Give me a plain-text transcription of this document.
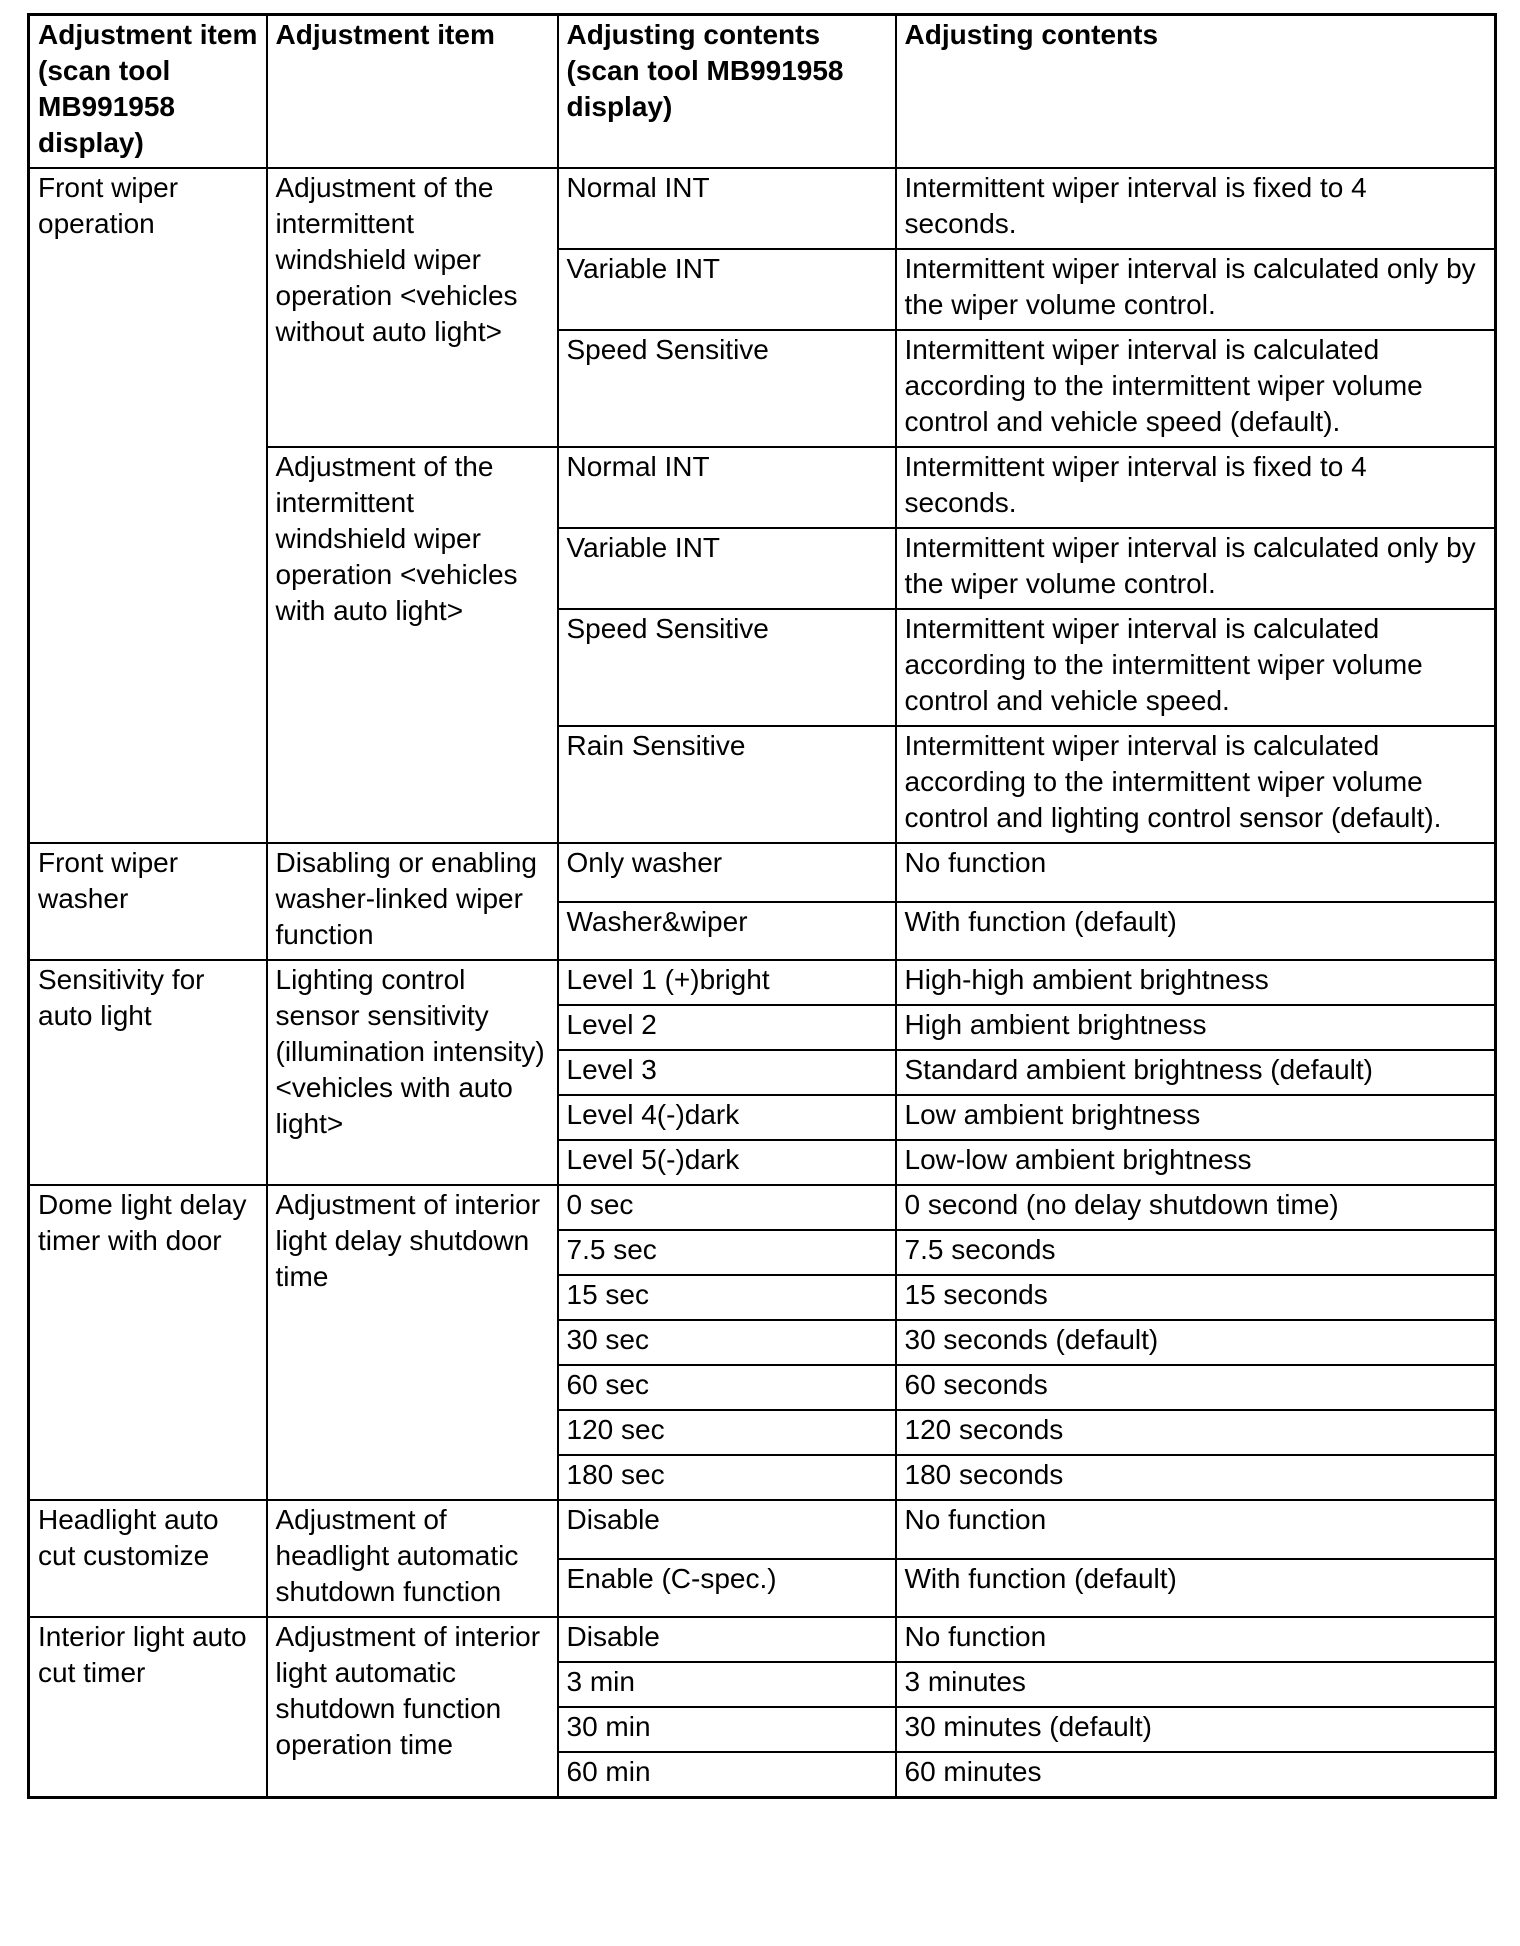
Adjustment item (scan tool MB991958 display)	Adjustment item	Adjusting contents (scan tool MB991958 display)	Adjusting contents
Front wiper operation	Adjustment of the intermittent windshield wiper operation <vehicles without auto light>	Normal INT	Intermittent wiper interval is fixed to 4 seconds.
		Variable INT	Intermittent wiper interval is calculated only by the wiper volume control.
		Speed Sensitive	Intermittent wiper interval is calculated according to the intermittent wiper volume control and vehicle speed (default).
	Adjustment of the intermittent windshield wiper operation <vehicles with auto light>	Normal INT	Intermittent wiper interval is fixed to 4 seconds.
		Variable INT	Intermittent wiper interval is calculated only by the wiper volume control.
		Speed Sensitive	Intermittent wiper interval is calculated according to the intermittent wiper volume control and vehicle speed.
		Rain Sensitive	Intermittent wiper interval is calculated according to the intermittent wiper volume control and lighting control sensor (default).
Front wiper washer	Disabling or enabling washer-linked wiper function	Only washer	No function
		Washer&wiper	With function (default)
Sensitivity for auto light	Lighting control sensor sensitivity (illumination intensity) <vehicles with auto light>	Level 1 (+)bright	High-high ambient brightness
		Level 2	High ambient brightness
		Level 3	Standard ambient brightness (default)
		Level 4(-)dark	Low ambient brightness
		Level 5(-)dark	Low-low ambient brightness
Dome light delay timer with door	Adjustment of interior light delay shutdown time	0 sec	0 second (no delay shutdown time)
		7.5 sec	7.5 seconds
		15 sec	15 seconds
		30 sec	30 seconds (default)
		60 sec	60 seconds
		120 sec	120 seconds
		180 sec	180 seconds
Headlight auto cut customize	Adjustment of headlight automatic shutdown function	Disable	No function
		Enable (C-spec.)	With function (default)
Interior light auto cut timer	Adjustment of interior light automatic shutdown function operation time	Disable	No function
		3 min	3 minutes
		30 min	30 minutes (default)
		60 min	60 minutes
